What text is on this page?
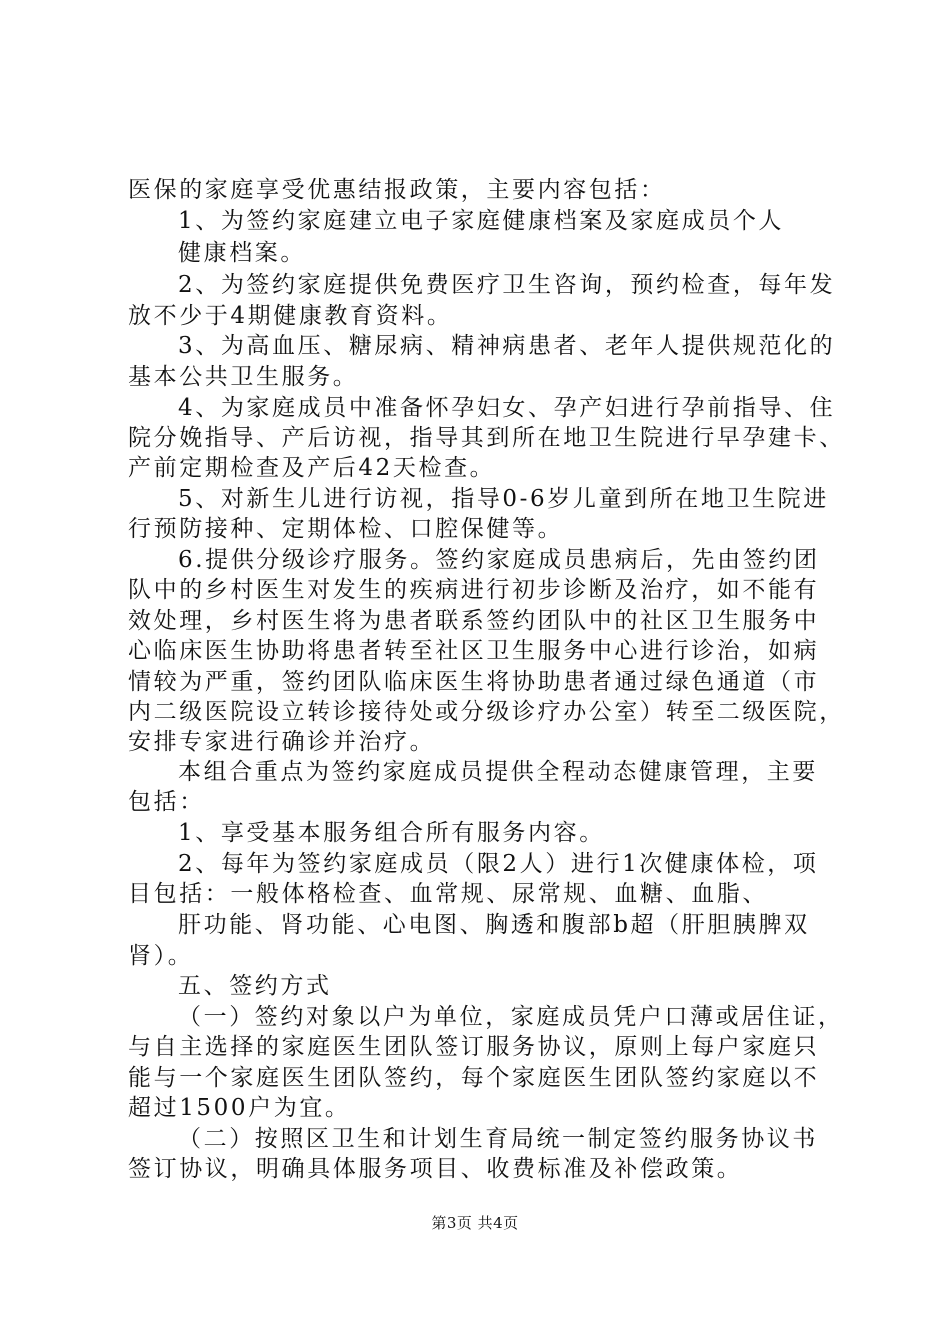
医保的家庭享受优惠结报政策，主要内容包括：
1、为签约家庭建立电子家庭健康档案及家庭成员个人
健康档案。
2、为签约家庭提供免费医疗卫生咨询，预约检查，每年发
放不少于4期健康教育资料。
3、为高血压、糖尿病、精神病患者、老年人提供规范化的
基本公共卫生服务。
4、为家庭成员中准备怀孕妇女、孕产妇进行孕前指导、住
院分娩指导、产后访视，指导其到所在地卫生院进行早孕建卡、
产前定期检查及产后42天检查。
5、对新生儿进行访视，指导0-6岁儿童到所在地卫生院进
行预防接种、定期体检、口腔保健等。
6.提供分级诊疗服务。签约家庭成员患病后，先由签约团
队中的乡村医生对发生的疾病进行初步诊断及治疗，如不能有
效处理，乡村医生将为患者联系签约团队中的社区卫生服务中
心临床医生协助将患者转至社区卫生服务中心进行诊治，如病
情较为严重，签约团队临床医生将协助患者通过绿色通道（市
内二级医院设立转诊接待处或分级诊疗办公室）转至二级医院，
安排专家进行确诊并治疗。
本组合重点为签约家庭成员提供全程动态健康管理，主要
包括：
1、享受基本服务组合所有服务内容。
2、每年为签约家庭成员（限2人）进行1次健康体检，项
目包括：一般体格检查、血常规、尿常规、血糖、血脂、
肝功能、肾功能、心电图、胸透和腹部b超（肝胆胰脾双
肾）。
五、签约方式
（一）签约对象以户为单位，家庭成员凭户口薄或居住证，
与自主选择的家庭医生团队签订服务协议，原则上每户家庭只
能与一个家庭医生团队签约，每个家庭医生团队签约家庭以不
超过1500户为宜。
（二）按照区卫生和计划生育局统一制定签约服务协议书
签订协议，明确具体服务项目、收费标准及补偿政策。
第3页 共4页
